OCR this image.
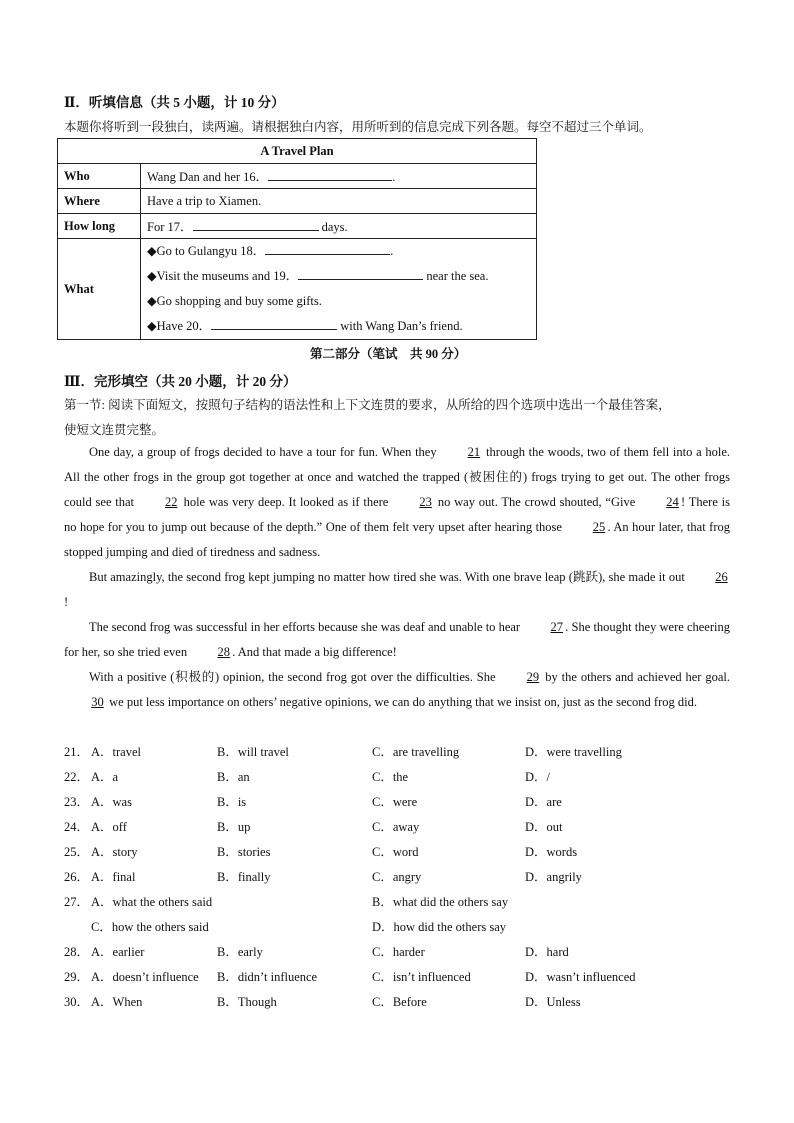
Ⅱ．听填信息（共 5 小题，计 10 分）
本题你将听到一段独白，读两遍。请根据独白内容，用所听到的信息完成下列各题。每空不超过三个单词。
A Travel Plan	
Who	Wang Dan and her 16． .
Where	Have a trip to Xiamen.
How long	For 17． days.
What	◆Go to Gulangyu 18． .
◆Visit the museums and 19． near the sea.
◆Go shopping and buy some gifts.
◆Have 20． with Wang Dan’s friend.
第二部分（笔试　共 90 分）
Ⅲ．完形填空（共 20 小题，计 20 分）
第一节: 阅读下面短文，按照句子结构的语法性和上下文连贯的要求，从所给的四个选项中选出一个最佳答案，
使短文连贯完整。

One day, a group of frogs decided to have a tour for fun. When they 21 through the woods, two of them fell into a hole. All the other frogs in the group got together at once and watched the trapped (被困住的) frogs trying to get out. The other frogs could see that 22 hole was very deep. It looked as if there 23 no way out. The crowd shouted, “Give 24 ! There is no hope for you to jump out because of the depth.” One of them felt very upset after hearing those 25 . An hour later, that frog stopped jumping and died of tiredness and sadness.

But amazingly, the second frog kept jumping no matter how tired she was. With one brave leap (跳跃), she made it out 26!

The second frog was successful in her efforts because she was deaf and unable to hear 27 . She thought they were cheering for her, so she tried even 28 . And that made a big difference!

With a positive (积极的) opinion, the second frog got over the difficulties. She 29 by the others and achieved her goal. 30 we put less importance on others’ negative opinions, we can do anything that we insist on, just as the second frog did.

21． A．travel	B．will travel	C．are travelling	D．were travelling
22． A．a	B．an	C．the	D．/
23． A．was	B．is	C．were	D．are
24． A．off	B．up	C．away	D．out
25． A．story	B．stories	C．word	D．words
26． A．final	B．finally	C．angry	D．angrily
27． A．what the others said	B．what did the others say
C．how the others said	D．how did the others say
28． A．earlier	B．early	C．harder	D．hard
29． A．doesn’t influence B．didn’t influence	C．isn’t influenced	D．wasn’t influenced
30． A．When	B．Though	C．Before	D．Unless
